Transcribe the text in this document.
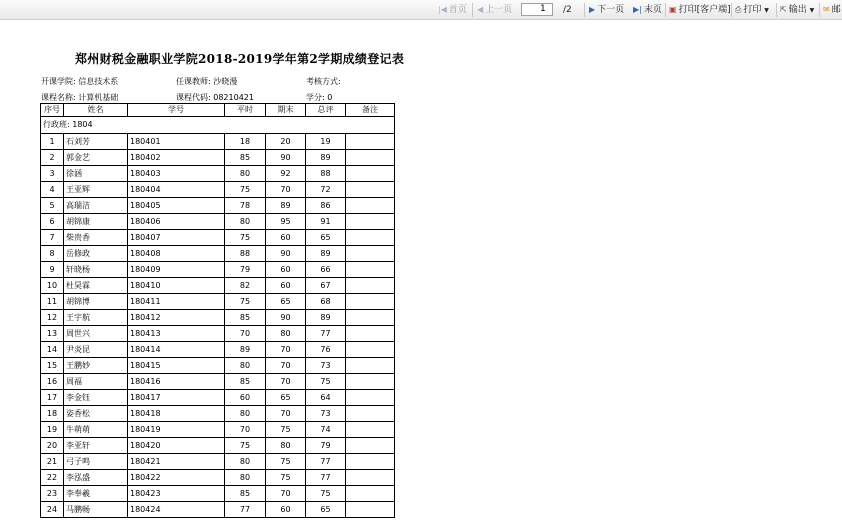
|◀ 首页 ◀ 上一页
1	/2 ▶ 下一页 ▶| 末页 ▣ 打印[客户端] ⎙ 打印 ▼ ⇱ 输出 ▼ ✉ 邮
郑州财税金融职业学院2018-2019学年第2学期成绩登记表
开课学院: 信息技术系	任课教师: 沙晓漫	考核方式:
课程名称: 计算机基础	课程代码: 08210421	学分: 0
序号	姓名	学号	平时	期末	总评	备注
行政班: 1804						
1	石刘芳	180401	18	20	19	
2	郭金艺	180402	85	90	89	
3	徐涵	180403	80	92	88	
4	王亚辉	180404	75	70	72	
5	高瑞洁	180405	78	89	86	
6	胡锦康	180406	80	95	91	
7	柴贵香	180407	75	60	65	
8	岳修政	180408	88	90	89	
9	轩晓杨	180409	79	60	66	
10	杜昊霖	180410	82	60	67	
11	胡锦博	180411	75	65	68	
12	王宇航	180412	85	90	89	
13	周世兴	180413	70	80	77	
14	尹炎昆	180414	89	70	76	
15	王鹏妙	180415	80	70	73	
16	周福	180416	85	70	75	
17	李金钰	180417	60	65	64	
18	姿香松	180418	80	70	73	
19	牛萌萌	180419	70	75	74	
20	李亚轩	180420	75	80	79	
21	弓子鸣	180421	80	75	77	
22	李泓盛	180422	80	75	77	
23	李奉羲	180423	85	70	75	
24	马鹏畅	180424	77	60	65	
